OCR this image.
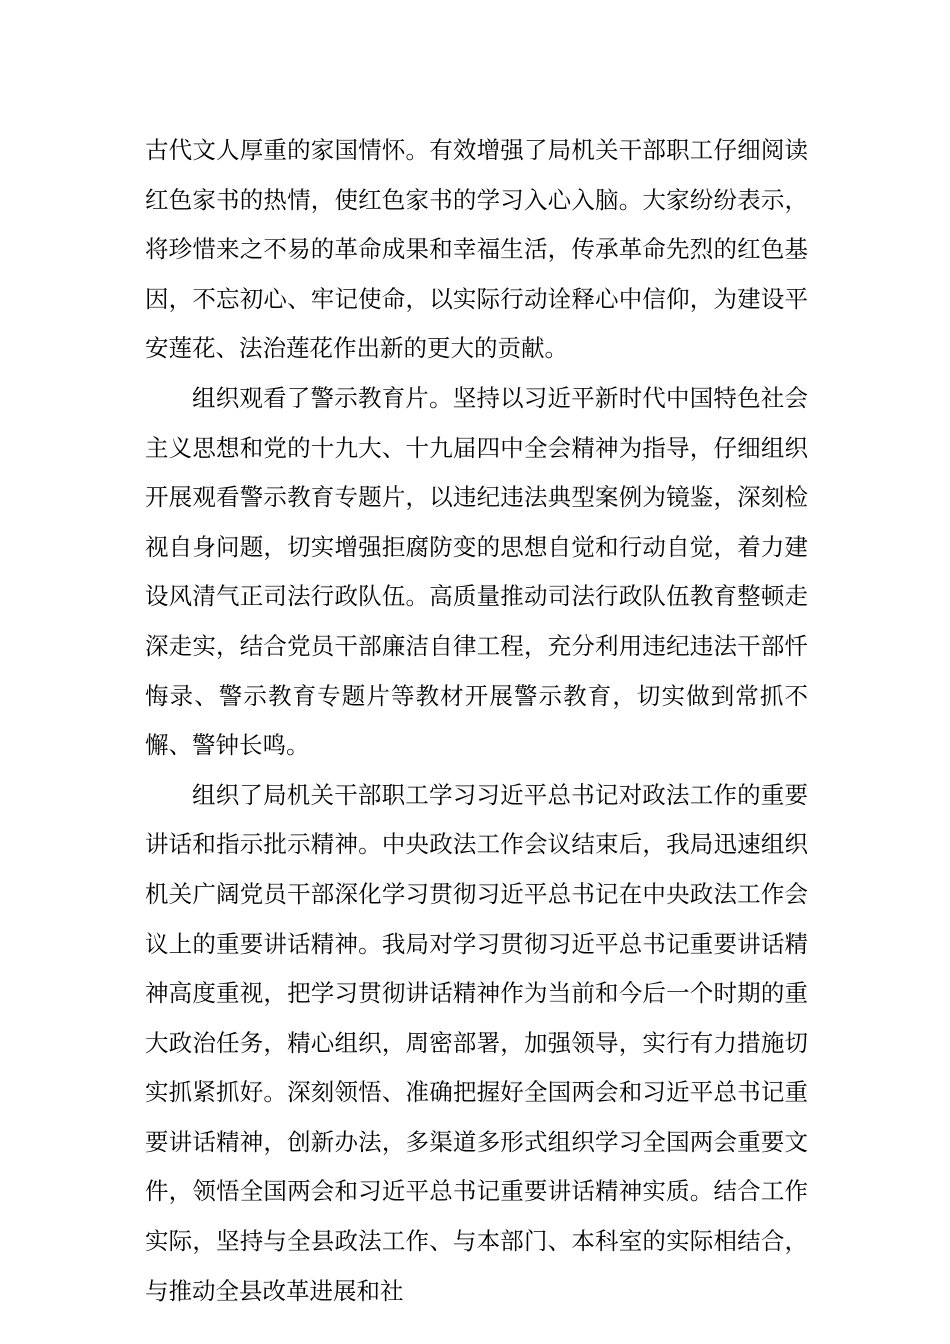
古代文人厚重的家国情怀。有效增强了局机关干部职工仔细阅读红色家书的热情，使红色家书的学习入心入脑。大家纷纷表示，将珍惜来之不易的革命成果和幸福生活，传承革命先烈的红色基因，不忘初心、牢记使命，以实际行动诠释心中信仰，为建设平安莲花、法治莲花作出新的更大的贡献。

组织观看了警示教育片。坚持以习近平新时代中国特色社会主义思想和党的十九大、十九届四中全会精神为指导，仔细组织开展观看警示教育专题片，以违纪违法典型案例为镜鉴，深刻检视自身问题，切实增强拒腐防变的思想自觉和行动自觉，着力建设风清气正司法行政队伍。高质量推动司法行政队伍教育整顿走深走实，结合党员干部廉洁自律工程，充分利用违纪违法干部忏悔录、警示教育专题片等教材开展警示教育，切实做到常抓不懈、警钟长鸣。

组织了局机关干部职工学习习近平总书记对政法工作的重要讲话和指示批示精神。中央政法工作会议结束后，我局迅速组织机关广阔党员干部深化学习贯彻习近平总书记在中央政法工作会议上的重要讲话精神。我局对学习贯彻习近平总书记重要讲话精神高度重视，把学习贯彻讲话精神作为当前和今后一个时期的重大政治任务，精心组织，周密部署，加强领导，实行有力措施切实抓紧抓好。深刻领悟、准确把握好全国两会和习近平总书记重要讲话精神，创新办法，多渠道多形式组织学习全国两会重要文件，领悟全国两会和习近平总书记重要讲话精神实质。结合工作实际，坚持与全县政法工作、与本部门、本科室的实际相结合，与推动全县改革进展和社
